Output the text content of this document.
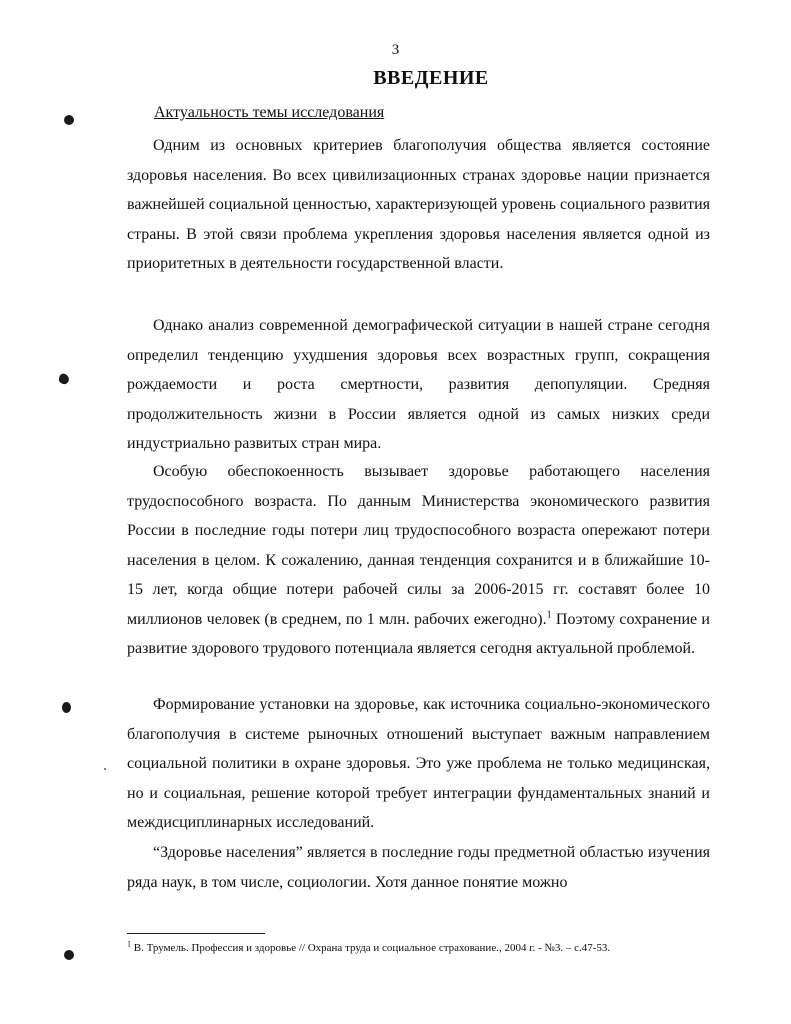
3
ВВЕДЕНИЕ
Актуальность темы исследования

Одним из основных критериев благополучия общества является состояние здоровья населения. Во всех цивилизационных странах здоровье нации признается важнейшей социальной ценностью, характеризующей уровень социального развития страны. В этой связи проблема укрепления здоровья населения является одной из приоритетных в деятельности государственной власти.

Однако анализ современной демографической ситуации в нашей стране сегодня определил тенденцию ухудшения здоровья всех возрастных групп, сокращения рождаемости и роста смертности, развития депопуляции. Средняя продолжительность жизни в России является одной из самых низких среди индустриально развитых стран мира.

Особую обеспокоенность вызывает здоровье работающего населения трудоспособного возраста. По данным Министерства экономического развития России в последние годы потери лиц трудоспособного возраста опережают потери населения в целом. К сожалению, данная тенденция сохранится и в ближайшие 10-15 лет, когда общие потери рабочей силы за 2006-2015 гг. составят более 10 миллионов человек (в среднем, по 1 млн. рабочих ежегодно).$^1$ Поэтому сохранение и развитие здорового трудового потенциала является сегодня актуальной проблемой.

Формирование установки на здоровье, как источника социально-экономического благополучия в системе рыночных отношений выступает важным направлением социальной политики в охране здоровья. Это уже проблема не только медицинская, но и социальная, решение которой требует интеграции фундаментальных знаний и междисциплинарных исследований.

“Здоровье населения” является в последние годы предметной областью изучения ряда наук, в том числе, социологии. Хотя данное понятие можно

$^1$ В. Трумель. Профессия и здоровье // Охрана труда и социальное страхование., 2004 г. - №3. – с.47-53.
